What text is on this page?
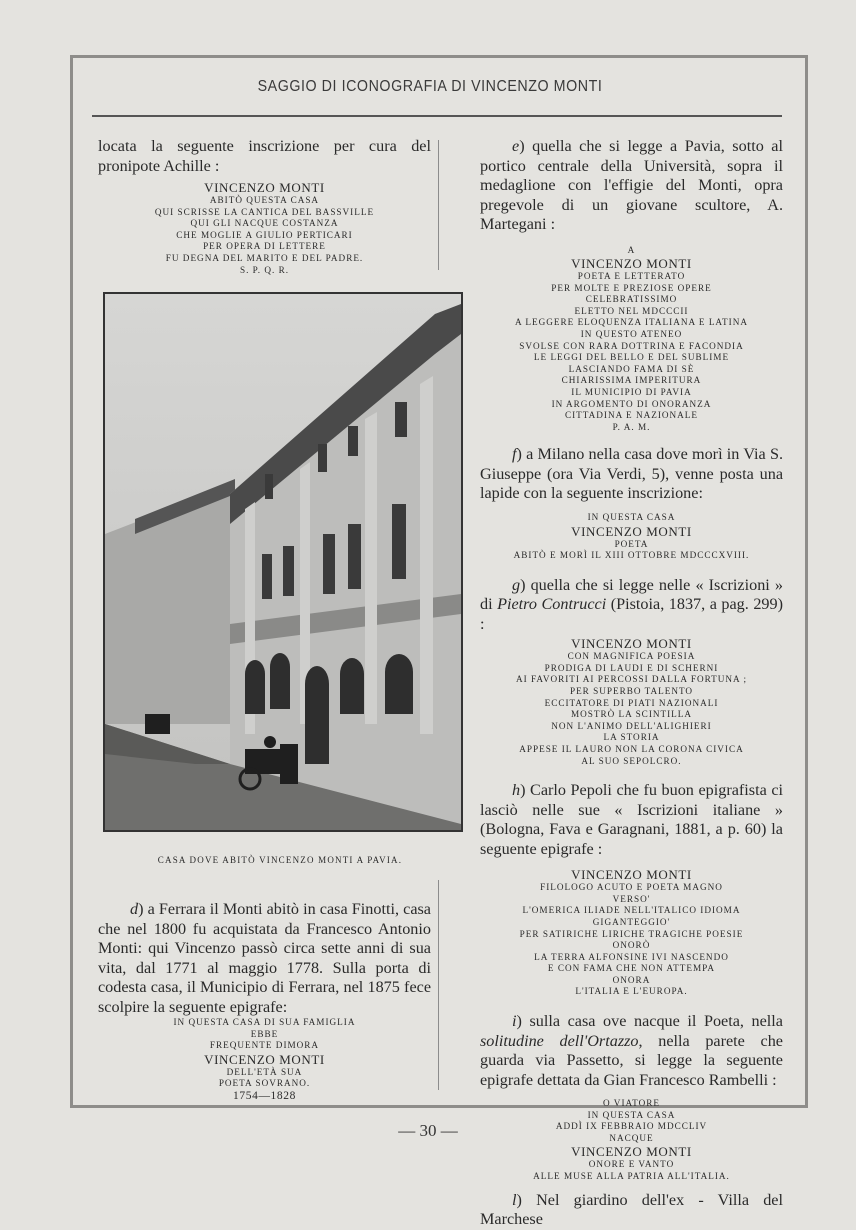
SAGGIO DI ICONOGRAFIA DI VINCENZO MONTI

locata la seguente inscrizione per cura del pronipote Achille :

VINCENZO MONTI
ABITÒ QUESTA CASA
QUI SCRISSE LA CANTICA DEL BASSVILLE
QUI GLI NACQUE COSTANZA
CHE MOGLIE A GIULIO PERTICARI
PER OPERA DI LETTERE
FU DEGNA DEL MARITO E DEL PADRE.
S. P. Q. R.
CASA DOVE ABITÒ VINCENZO MONTI A PAVIA.

d) a Ferrara il Monti abitò in casa Finotti, casa che nel 1800 fu acquistata da Francesco Antonio Monti: qui Vincenzo passò circa sette anni di sua vita, dal 1771 al maggio 1778. Sulla porta di codesta casa, il Municipio di Ferrara, nel 1875 fece scolpire la seguente epigrafe:

IN QUESTA CASA DI SUA FAMIGLIA
EBBE
FREQUENTE DIMORA
VINCENZO MONTI
DELL'ETÀ SUA
POETA SOVRANO.
1754—1828

e) quella che si legge a Pavia, sotto al portico centrale della Università, sopra il medaglione con l'effigie del Monti, opra pregevole di un giovane scultore, A. Martegani :

A
VINCENZO MONTI
POETA E LETTERATO
PER MOLTE E PREZIOSE OPERE
CELEBRATISSIMO
ELETTO NEL MDCCCII
A LEGGERE ELOQUENZA ITALIANA E LATINA
IN QUESTO ATENEO
SVOLSE CON RARA DOTTRINA E FACONDIA
LE LEGGI DEL BELLO E DEL SUBLIME
LASCIANDO FAMA DI SÈ
CHIARISSIMA IMPERITURA
IL MUNICIPIO DI PAVIA
IN ARGOMENTO DI ONORANZA
CITTADINA E NAZIONALE
P. A. M.

f) a Milano nella casa dove morì in Via S. Giuseppe (ora Via Verdi, 5), venne posta una lapide con la seguente inscrizione:

IN QUESTA CASA
VINCENZO MONTI
POETA
ABITÒ E MORÌ IL XIII OTTOBRE MDCCCXVIII.

g) quella che si legge nelle « Iscrizioni » di Pietro Contrucci (Pistoia, 1837, a pag. 299) :

VINCENZO MONTI
CON MAGNIFICA POESIA
PRODIGA DI LAUDI E DI SCHERNI
AI FAVORITI AI PERCOSSI DALLA FORTUNA ;
PER SUPERBO TALENTO
ECCITATORE DI PIATI NAZIONALI
MOSTRÒ LA SCINTILLA
NON L'ANIMO DELL'ALIGHIERI
LA STORIA
APPESE IL LAURO NON LA CORONA CIVICA
AL SUO SEPOLCRO.

h) Carlo Pepoli che fu buon epigrafista ci lasciò nelle sue « Iscrizioni italiane » (Bologna, Fava e Garagnani, 1881, a p. 60) la seguente epigrafe :

VINCENZO MONTI
FILOLOGO ACUTO E POETA MAGNO
VERSO'
L'OMERICA ILIADE NELL'ITALICO IDIOMA
GIGANTEGGIO'
PER SATIRICHE LIRICHE TRAGICHE POESIE
ONORÒ
LA TERRA ALFONSINE IVI NASCENDO
E CON FAMA CHE NON ATTEMPA
ONORA
L'ITALIA E L'EUROPA.

i) sulla casa ove nacque il Poeta, nella solitudine dell'Ortazzo, nella parete che guarda via Passetto, si legge la seguente epigrafe dettata da Gian Francesco Rambelli :

O VIATORE
IN QUESTA CASA
ADDÌ IX FEBBRAIO MDCCLIV
NACQUE
VINCENZO MONTI
ONORE E VANTO
ALLE MUSE ALLA PATRIA ALL'ITALIA.

l) Nel giardino dell'ex - Villa del Marchese

— 30 —
